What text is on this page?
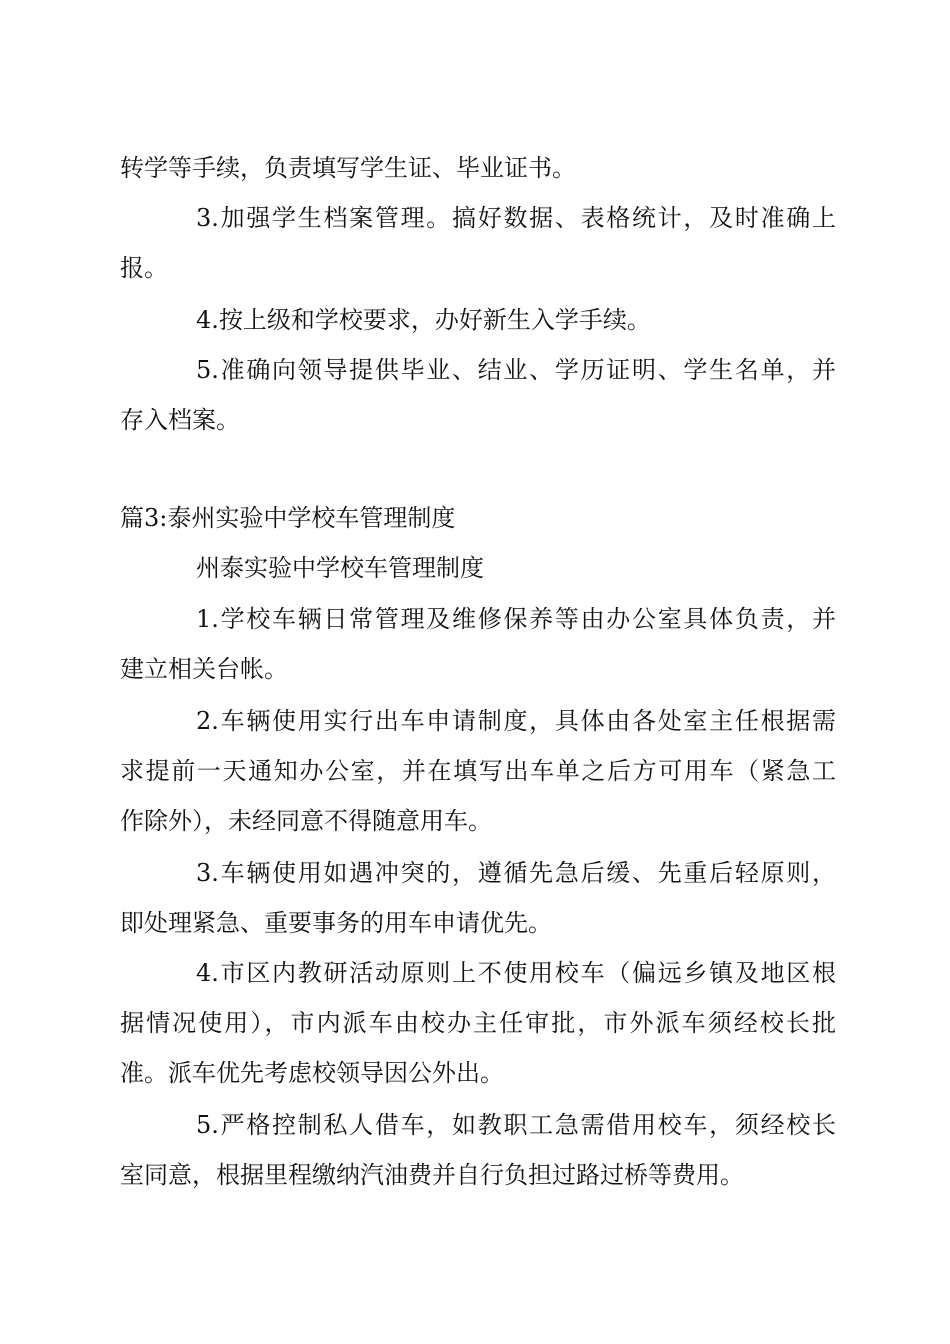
转学等手续，负责填写学生证、毕业证书。
3.加强学生档案管理。搞好数据、表格统计，及时准确上
报。
4.按上级和学校要求，办好新生入学手续。
5.准确向领导提供毕业、结业、学历证明、学生名单，并
存入档案。
篇3:泰州实验中学校车管理制度
州泰实验中学校车管理制度
1.学校车辆日常管理及维修保养等由办公室具体负责，并
建立相关台帐。
2.车辆使用实行出车申请制度，具体由各处室主任根据需
求提前一天通知办公室，并在填写出车单之后方可用车（紧急工
作除外），未经同意不得随意用车。
3.车辆使用如遇冲突的，遵循先急后缓、先重后轻原则，
即处理紧急、重要事务的用车申请优先。
4.市区内教研活动原则上不使用校车（偏远乡镇及地区根
据情况使用），市内派车由校办主任审批，市外派车须经校长批
准。派车优先考虑校领导因公外出。
5.严格控制私人借车，如教职工急需借用校车，须经校长
室同意，根据里程缴纳汽油费并自行负担过路过桥等费用。
